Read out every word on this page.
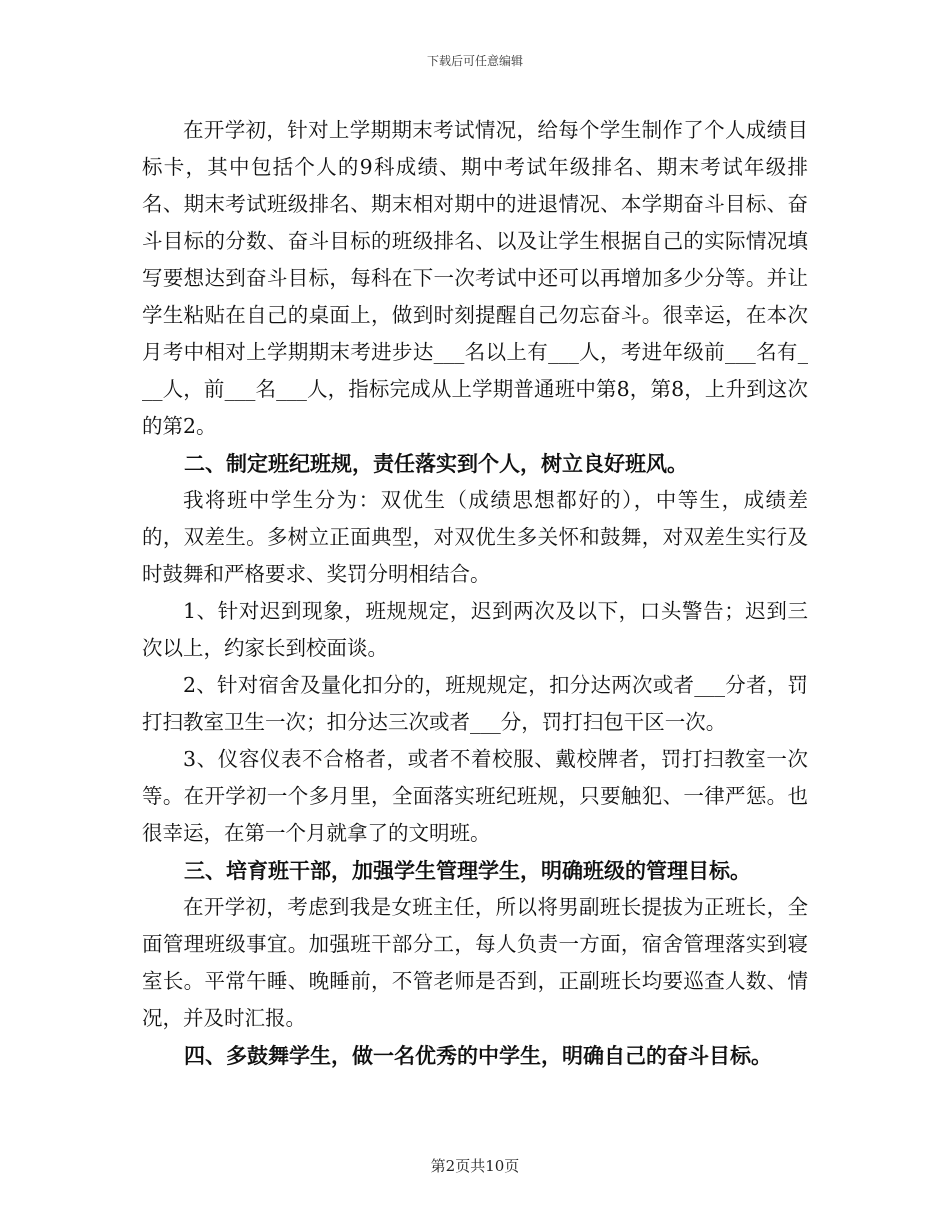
下载后可任意编辑

在开学初，针对上学期期末考试情况，给每个学生制作了个人成绩目标卡，其中包括个人的9科成绩、期中考试年级排名、期末考试年级排名、期末考试班级排名、期末相对期中的进退情况、本学期奋斗目标、奋斗目标的分数、奋斗目标的班级排名、以及让学生根据自己的实际情况填写要想达到奋斗目标，每科在下一次考试中还可以再增加多少分等。并让学生粘贴在自己的桌面上，做到时刻提醒自己勿忘奋斗。很幸运，在本次月考中相对上学期期末考进步达___名以上有___人，考进年级前___名有___人，前___名___人，指标完成从上学期普通班中第8，第8，上升到这次的第2。

二、制定班纪班规，责任落实到个人，树立良好班风。

我将班中学生分为：双优生（成绩思想都好的），中等生，成绩差的，双差生。多树立正面典型，对双优生多关怀和鼓舞，对双差生实行及时鼓舞和严格要求、奖罚分明相结合。

1、针对迟到现象，班规规定，迟到两次及以下，口头警告；迟到三次以上，约家长到校面谈。

2、针对宿舍及量化扣分的，班规规定，扣分达两次或者___分者，罚打扫教室卫生一次；扣分达三次或者___分，罚打扫包干区一次。

3、仪容仪表不合格者，或者不着校服、戴校牌者，罚打扫教室一次等。在开学初一个多月里，全面落实班纪班规，只要触犯、一律严惩。也很幸运，在第一个月就拿了的文明班。

三、培育班干部，加强学生管理学生，明确班级的管理目标。

在开学初，考虑到我是女班主任，所以将男副班长提拔为正班长，全面管理班级事宜。加强班干部分工，每人负责一方面，宿舍管理落实到寝室长。平常午睡、晚睡前，不管老师是否到，正副班长均要巡查人数、情况，并及时汇报。

四、多鼓舞学生，做一名优秀的中学生，明确自己的奋斗目标。

第2页共10页
